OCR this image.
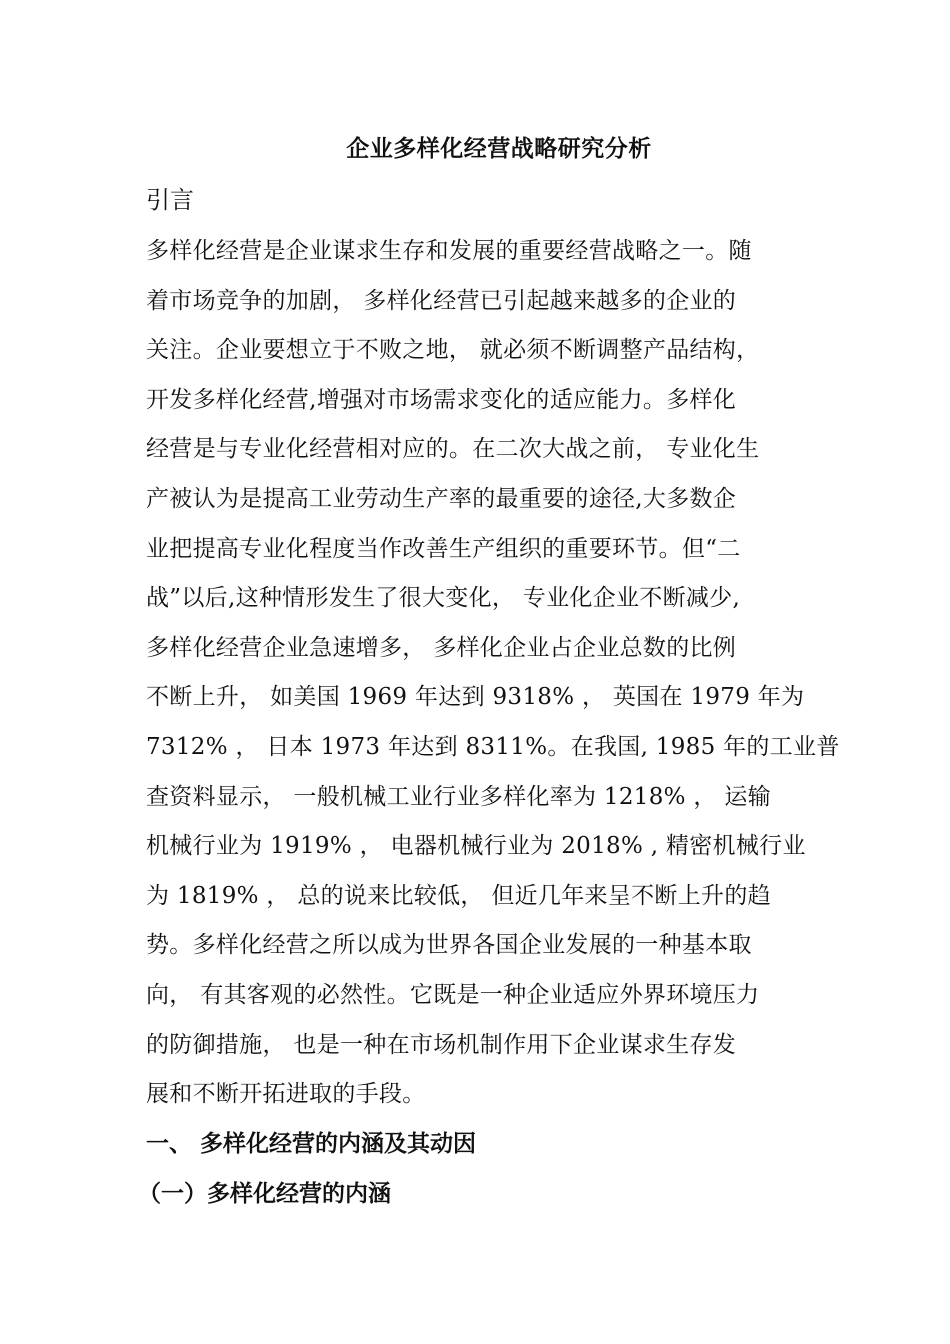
企业多样化经营战略研究分析
引言
多样化经营是企业谋求生存和发展的重要经营战略之一。随
着市场竞争的加剧， 多样化经营已引起越来越多的企业的
关注。企业要想立于不败之地， 就必须不断调整产品结构，
开发多样化经营,增强对市场需求变化的适应能力。多样化
经营是与专业化经营相对应的。在二次大战之前， 专业化生
产被认为是提高工业劳动生产率的最重要的途径,大多数企
业把提高专业化程度当作改善生产组织的重要环节。但“二
战”以后,这种情形发生了很大变化， 专业化企业不断减少,
多样化经营企业急速增多， 多样化企业占企业总数的比例
不断上升， 如美国 1969 年达到 9318% ， 英国在 1979 年为
7312% ， 日本 1973 年达到 8311%。在我国, 1985 年的工业普
查资料显示， 一般机械工业行业多样化率为 1218% ， 运输
机械行业为 1919% ， 电器机械行业为 2018% , 精密机械行业
为 1819% ， 总的说来比较低， 但近几年来呈不断上升的趋
势。多样化经营之所以成为世界各国企业发展的一种基本取
向， 有其客观的必然性。它既是一种企业适应外界环境压力
的防御措施， 也是一种在市场机制作用下企业谋求生存发
展和不断开拓进取的手段。
一、 多样化经营的内涵及其动因
（一）多样化经营的内涵
